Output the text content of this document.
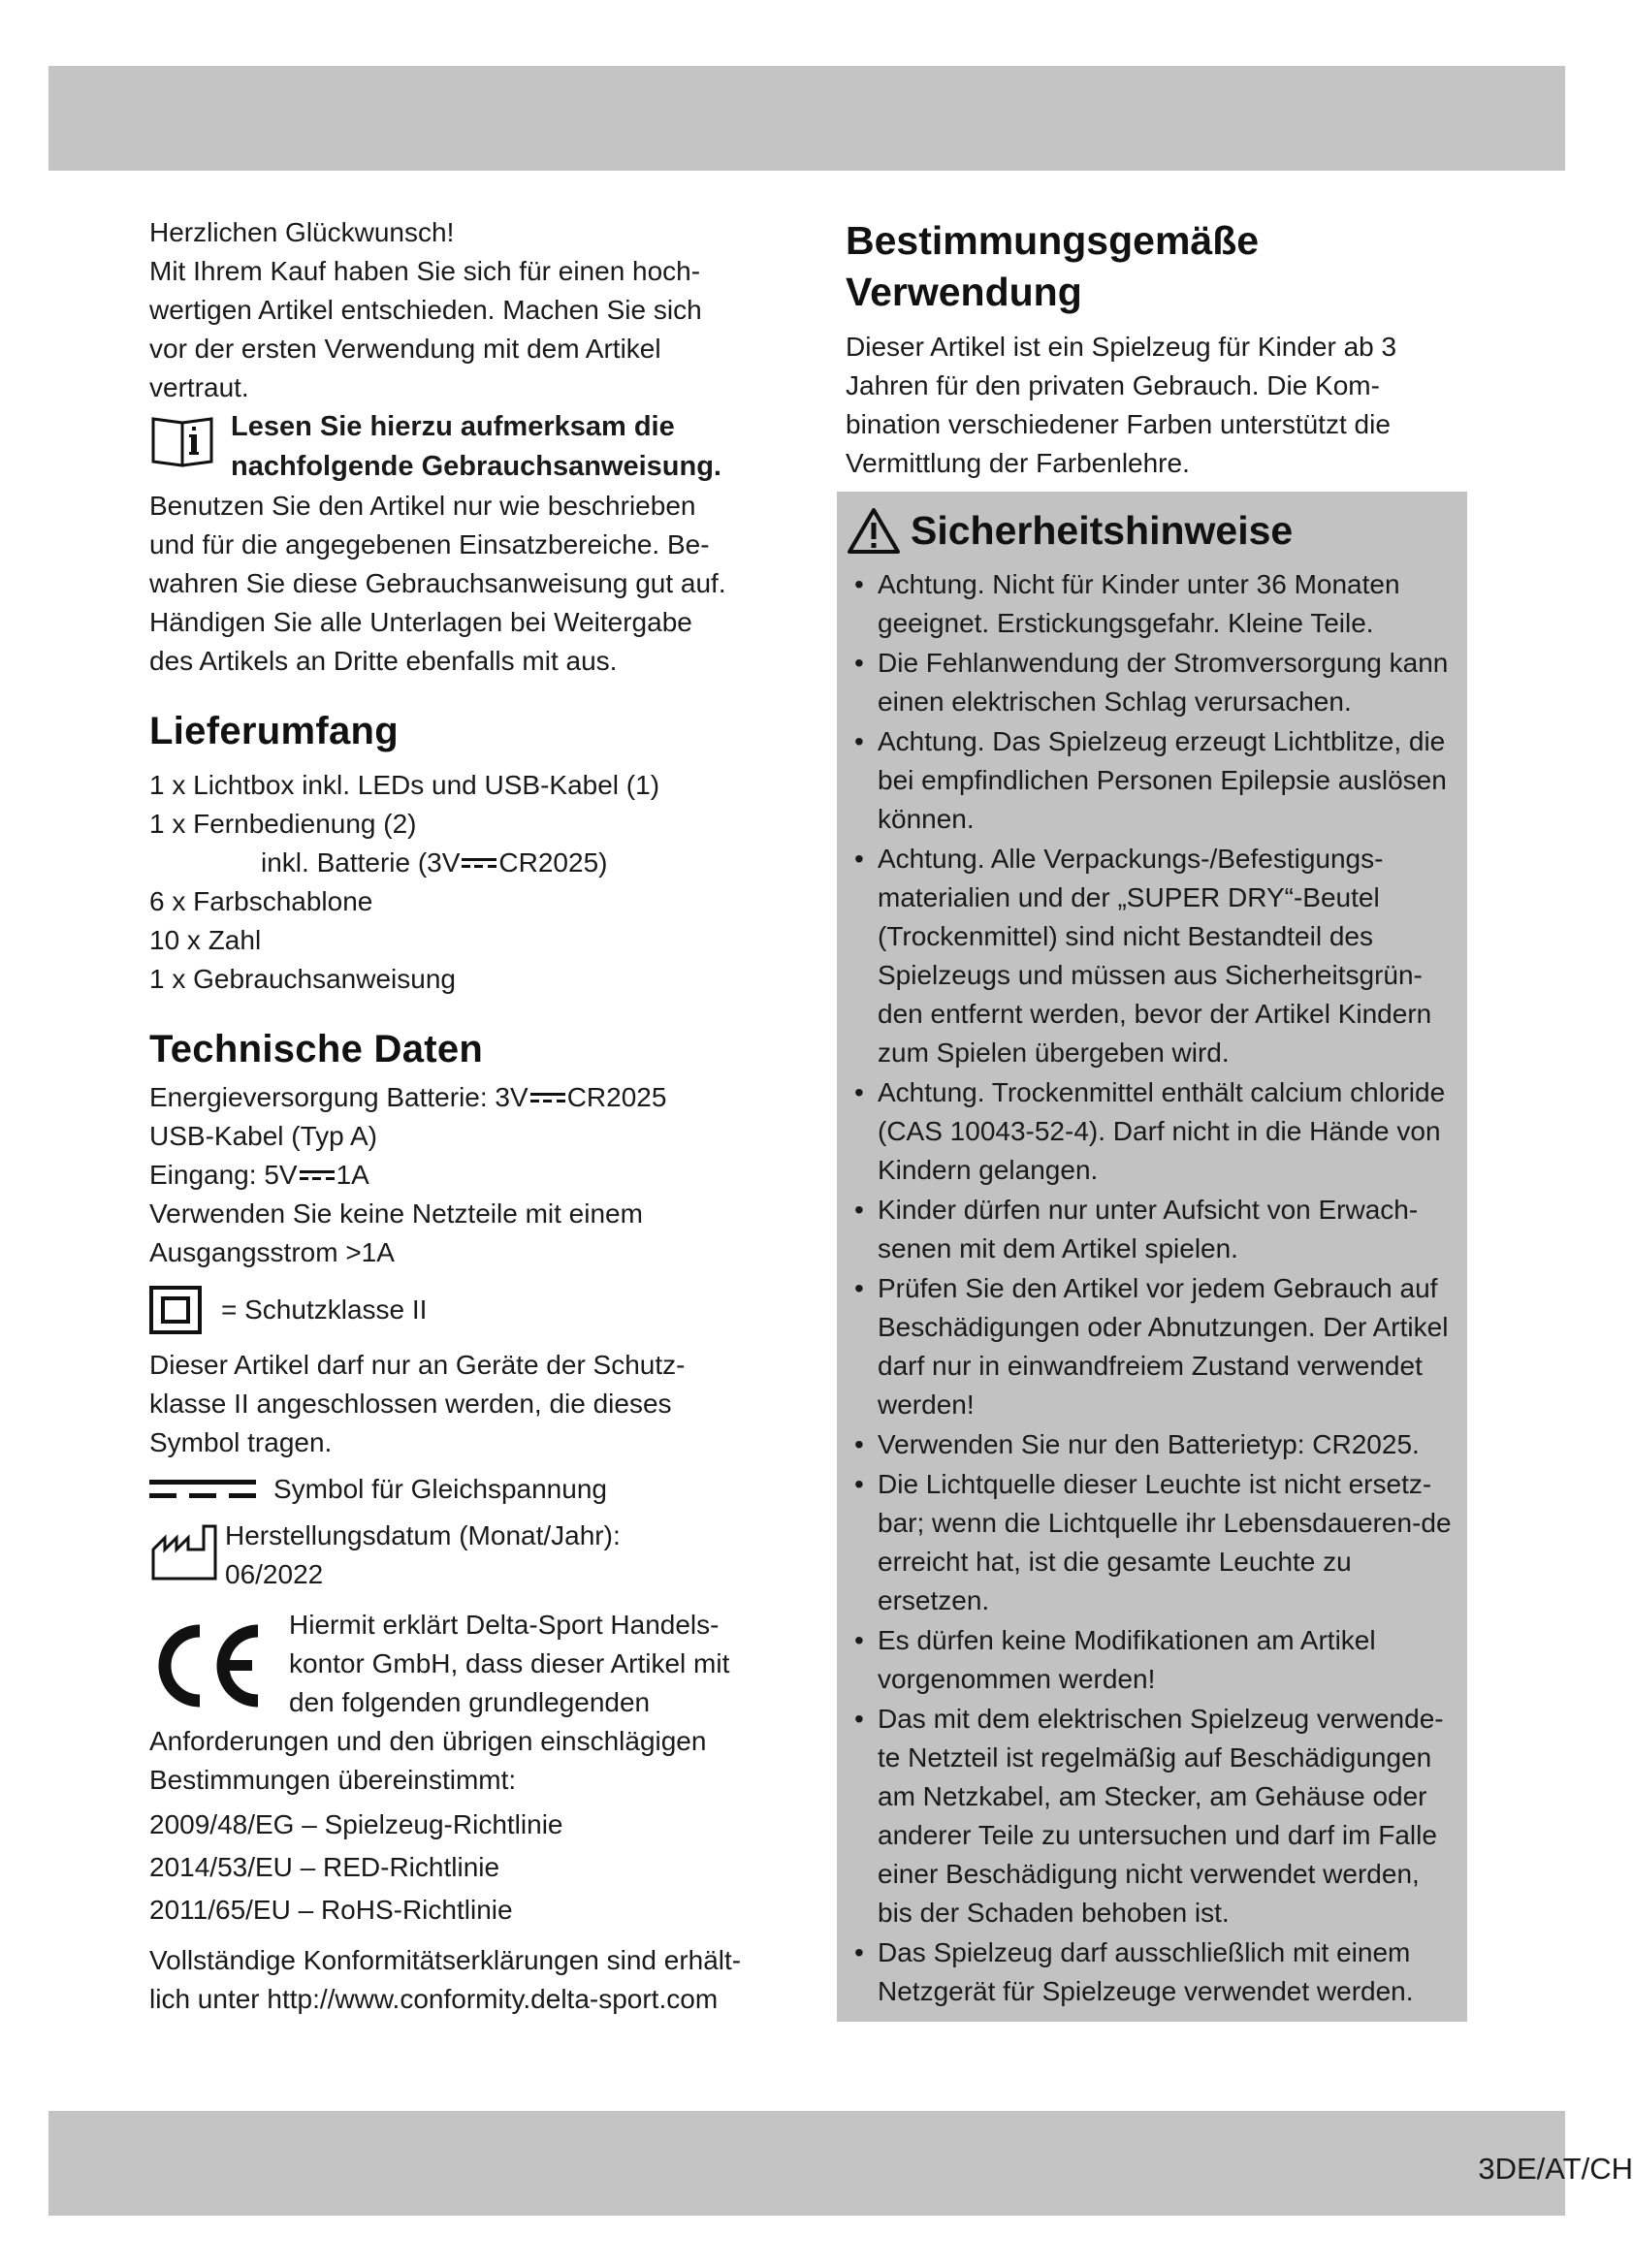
Herzlichen Glückwunsch!
Mit Ihrem Kauf haben Sie sich für einen hoch-
wertigen Artikel entschieden. Machen Sie sich
vor der ersten Verwendung mit dem Artikel
vertraut.
Lesen Sie hierzu aufmerksam die
nachfolgende Gebrauchsanweisung.
Benutzen Sie den Artikel nur wie beschrieben
und für die angegebenen Einsatzbereiche. Be-
wahren Sie diese Gebrauchsanweisung gut auf.
Händigen Sie alle Unterlagen bei Weitergabe
des Artikels an Dritte ebenfalls mit aus.
Lieferumfang
1 x Lichtbox inkl. LEDs und USB-Kabel (1)
1 x Fernbedienung (2)
inkl. Batterie (3V CR2025)
6 x Farbschablone
10 x Zahl
1 x Gebrauchsanweisung
Technische Daten
Energieversorgung Batterie: 3V CR2025
USB-Kabel (Typ A)
Eingang: 5V 1A
Verwenden Sie keine Netzteile mit einem
Ausgangsstrom >1A
= Schutzklasse II
Dieser Artikel darf nur an Geräte der Schutz-
klasse II angeschlossen werden, die dieses
Symbol tragen.
Symbol für Gleichspannung
Herstellungsdatum (Monat/Jahr):
06/2022
Hiermit erklärt Delta-Sport Handels-
kontor GmbH, dass dieser Artikel mit
den folgenden grundlegenden
Anforderungen und den übrigen einschlägigen
Bestimmungen übereinstimmt:
2009/48/EG – Spielzeug-Richtlinie
2014/53/EU – RED-Richtlinie
2011/65/EU – RoHS-Richtlinie
Vollständige Konformitätserklärungen sind erhält-
lich unter http://www.conformity.delta-sport.com
Bestimmungsgemäße
Verwendung
Dieser Artikel ist ein Spielzeug für Kinder ab 3
Jahren für den privaten Gebrauch. Die Kom-
bination verschiedener Farben unterstützt die
Vermittlung der Farbenlehre.
Sicherheitshinweise
• Achtung. Nicht für Kinder unter 36 Monaten geeignet. Erstickungsgefahr. Kleine Teile.
• Die Fehlanwendung der Stromversorgung kann einen elektrischen Schlag verursachen.
• Achtung. Das Spielzeug erzeugt Lichtblitze, die bei empfindlichen Personen Epilepsie auslösen können.
• Achtung. Alle Verpackungs-/Befestigungs-materialien und der „SUPER DRY“-Beutel (Trockenmittel) sind nicht Bestandteil des Spielzeugs und müssen aus Sicherheitsgrün-den entfernt werden, bevor der Artikel Kindern zum Spielen übergeben wird.
• Achtung. Trockenmittel enthält calcium chloride (CAS 10043-52-4). Darf nicht in die Hände von Kindern gelangen.
• Kinder dürfen nur unter Aufsicht von Erwach-senen mit dem Artikel spielen.
• Prüfen Sie den Artikel vor jedem Gebrauch auf Beschädigungen oder Abnutzungen. Der Artikel darf nur in einwandfreiem Zustand verwendet werden!
• Verwenden Sie nur den Batterietyp: CR2025.
• Die Lichtquelle dieser Leuchte ist nicht ersetz-bar; wenn die Lichtquelle ihr Lebensdaueren-de erreicht hat, ist die gesamte Leuchte zu ersetzen.
• Es dürfen keine Modifikationen am Artikel vorgenommen werden!
• Das mit dem elektrischen Spielzeug verwende-te Netzteil ist regelmäßig auf Beschädigungen am Netzkabel, am Stecker, am Gehäuse oder anderer Teile zu untersuchen und darf im Falle einer Beschädigung nicht verwendet werden, bis der Schaden behoben ist.
• Das Spielzeug darf ausschließlich mit einem Netzgerät für Spielzeuge verwendet werden.
3DE/AT/CH
